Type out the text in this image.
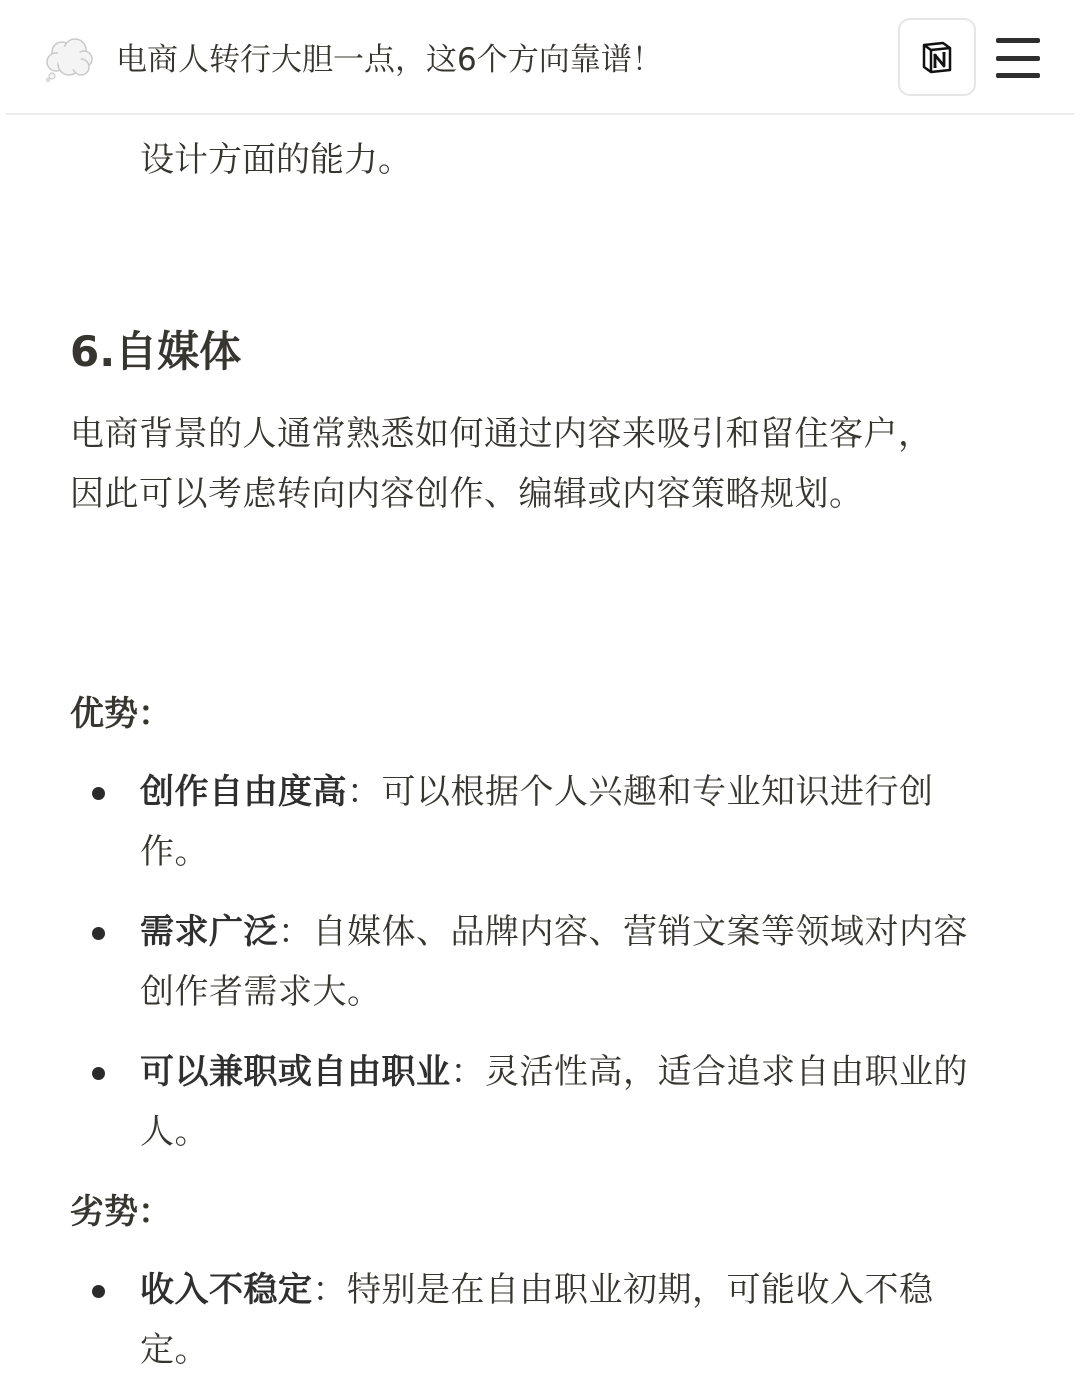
设计方面的能力。
6.自媒体
电商背景的人通常熟悉如何通过内容来吸引和留住客户，因此可以考虑转向内容创作、编辑或内容策略规划。
优势：
创作自由度高：可以根据个人兴趣和专业知识进行创作。
需求广泛：自媒体、品牌内容、营销文案等领域对内容创作者需求大。
可以兼职或自由职业：灵活性高，适合追求自由职业的人。
劣势：
收入不稳定：特别是在自由职业初期，可能收入不稳定。
电商人转行大胆一点，这6个方向靠谱！
